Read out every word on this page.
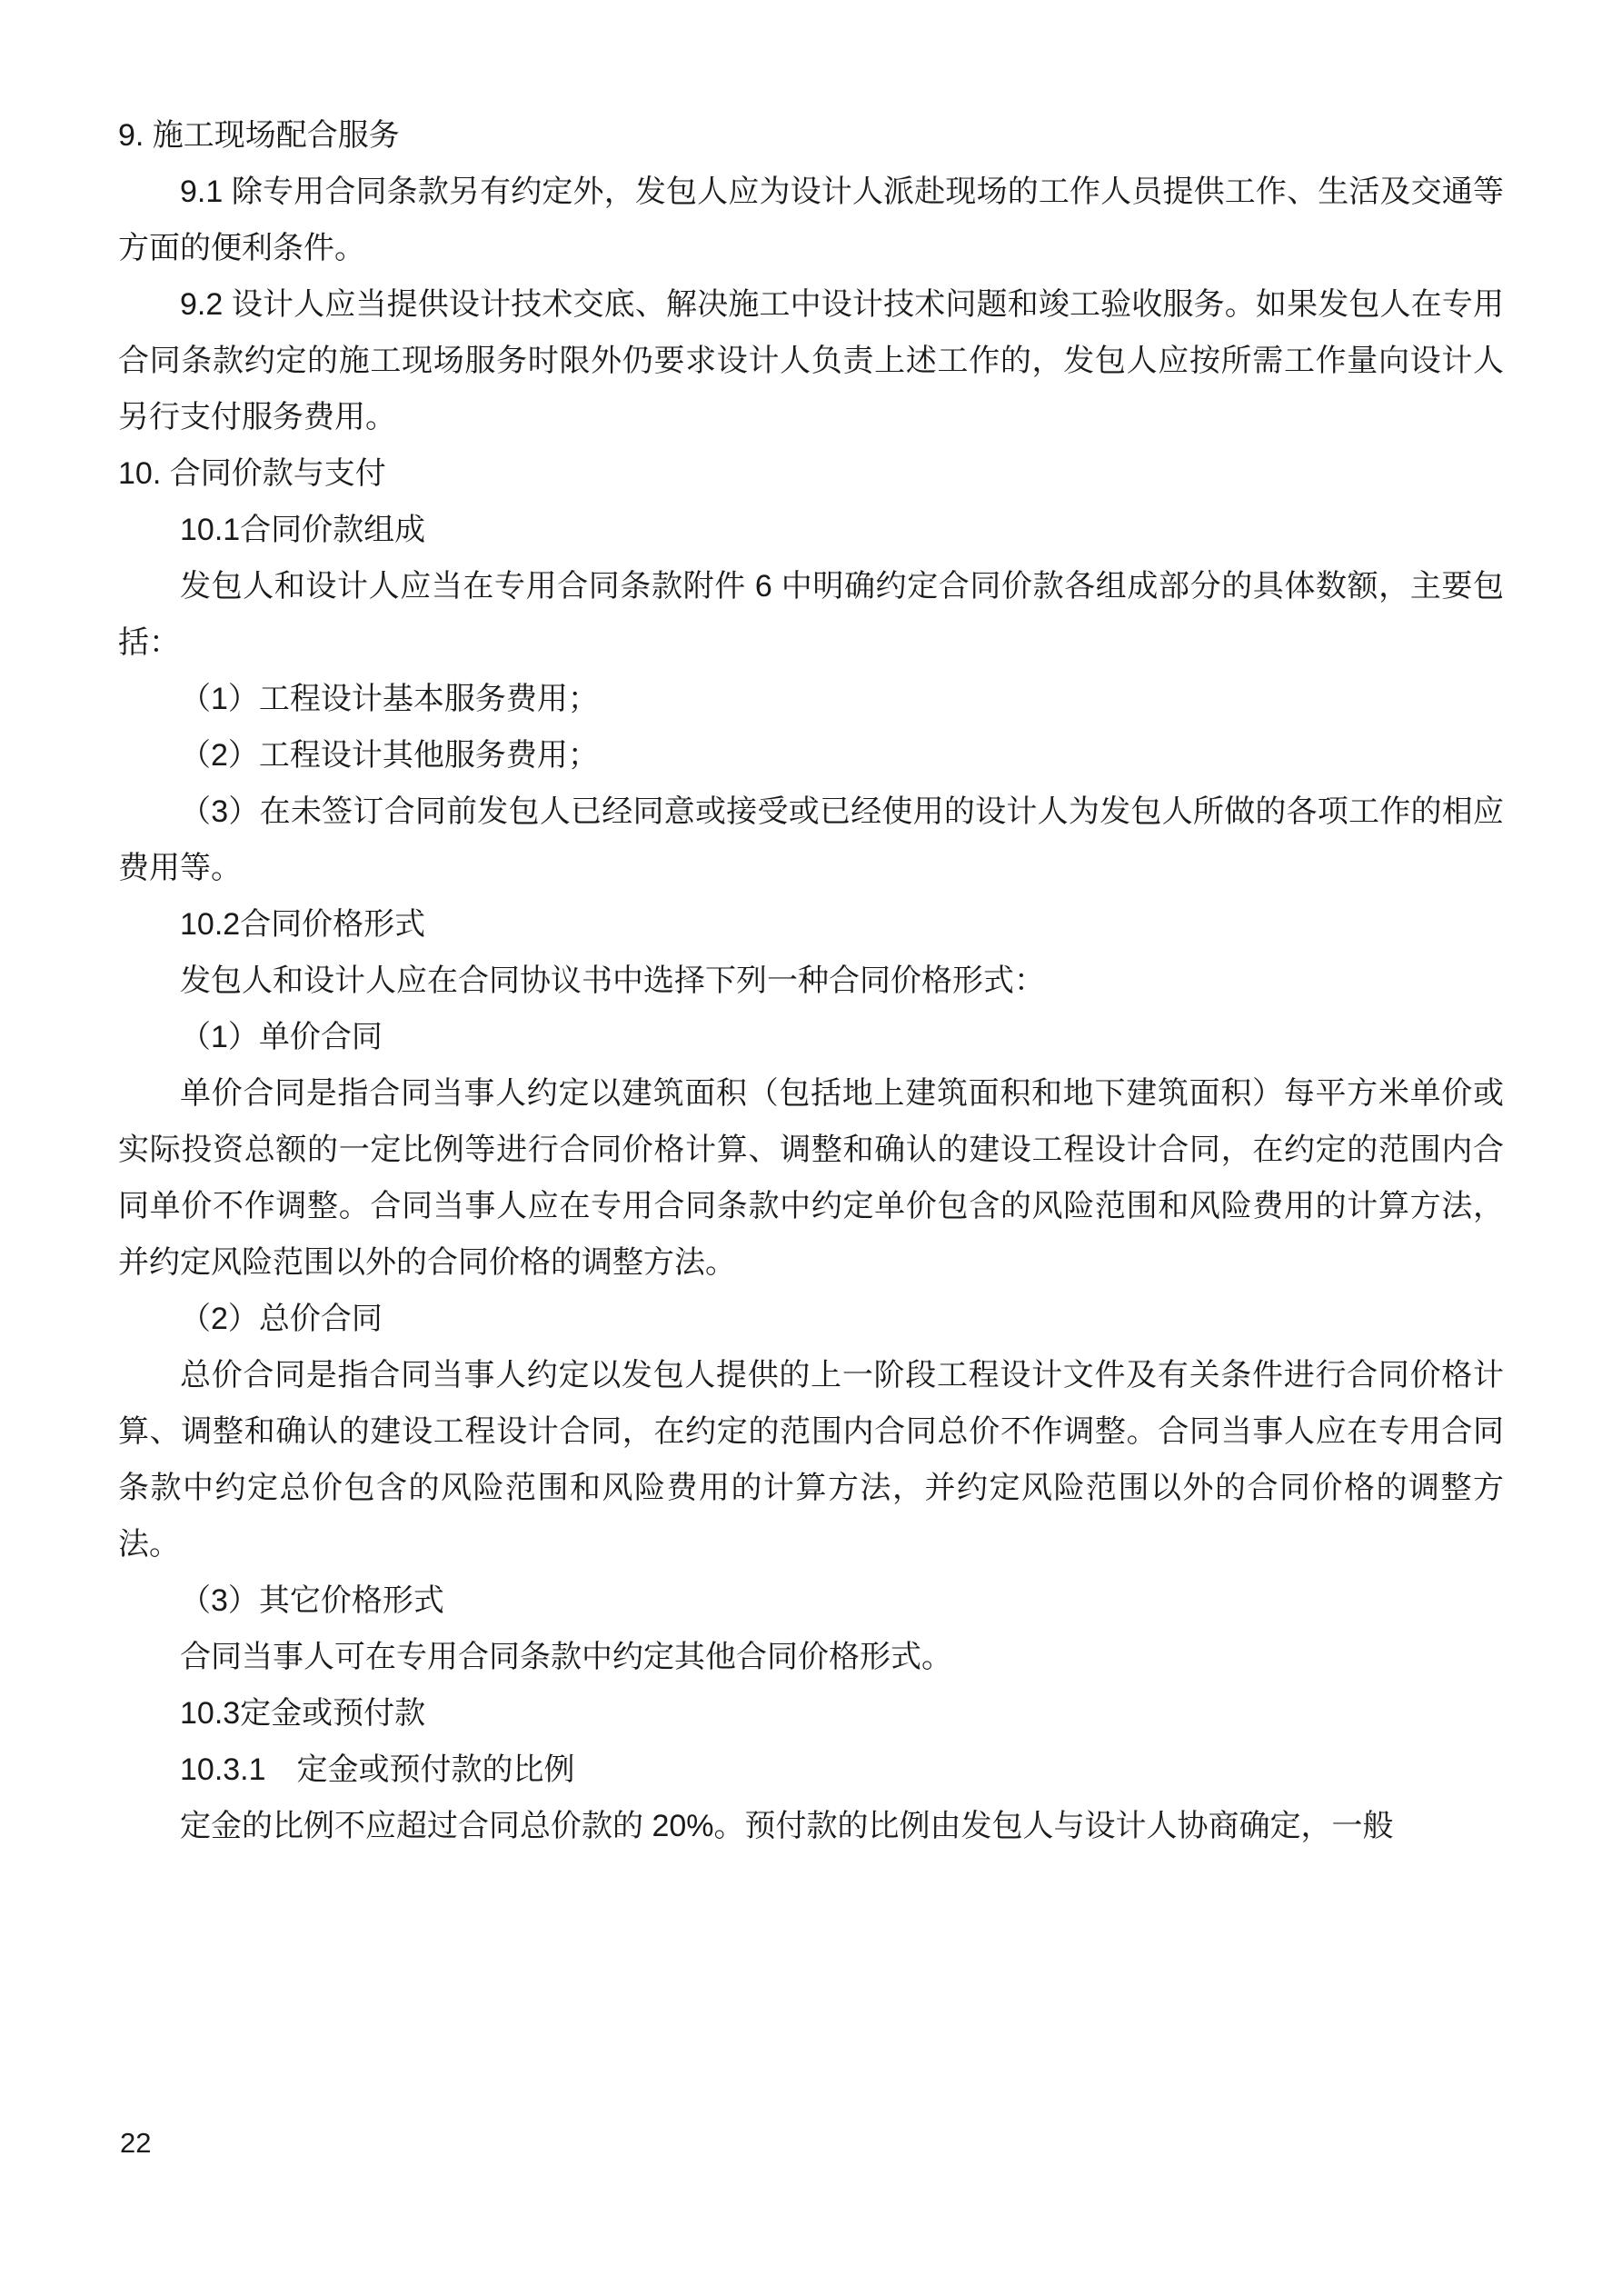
9. 施工现场配合服务

9.1 除专用合同条款另有约定外，发包人应为设计人派赴现场的工作人员提供工作、生活及交通等方面的便利条件。

9.2 设计人应当提供设计技术交底、解决施工中设计技术问题和竣工验收服务。如果发包人在专用合同条款约定的施工现场服务时限外仍要求设计人负责上述工作的，发包人应按所需工作量向设计人另行支付服务费用。

10. 合同价款与支付

10.1合同价款组成

发包人和设计人应当在专用合同条款附件 6 中明确约定合同价款各组成部分的具体数额，主要包括：

（1）工程设计基本服务费用；

（2）工程设计其他服务费用；

（3）在未签订合同前发包人已经同意或接受或已经使用的设计人为发包人所做的各项工作的相应费用等。

10.2合同价格形式

发包人和设计人应在合同协议书中选择下列一种合同价格形式：

（1）单价合同

单价合同是指合同当事人约定以建筑面积（包括地上建筑面积和地下建筑面积）每平方米单价或实际投资总额的一定比例等进行合同价格计算、调整和确认的建设工程设计合同，在约定的范围内合同单价不作调整。合同当事人应在专用合同条款中约定单价包含的风险范围和风险费用的计算方法，并约定风险范围以外的合同价格的调整方法。

（2）总价合同

总价合同是指合同当事人约定以发包人提供的上一阶段工程设计文件及有关条件进行合同价格计算、调整和确认的建设工程设计合同，在约定的范围内合同总价不作调整。合同当事人应在专用合同条款中约定总价包含的风险范围和风险费用的计算方法，并约定风险范围以外的合同价格的调整方法。

（3）其它价格形式

合同当事人可在专用合同条款中约定其他合同价格形式。

10.3定金或预付款

10.3.1　定金或预付款的比例

定金的比例不应超过合同总价款的 20%。预付款的比例由发包人与设计人协商确定，一般

22
